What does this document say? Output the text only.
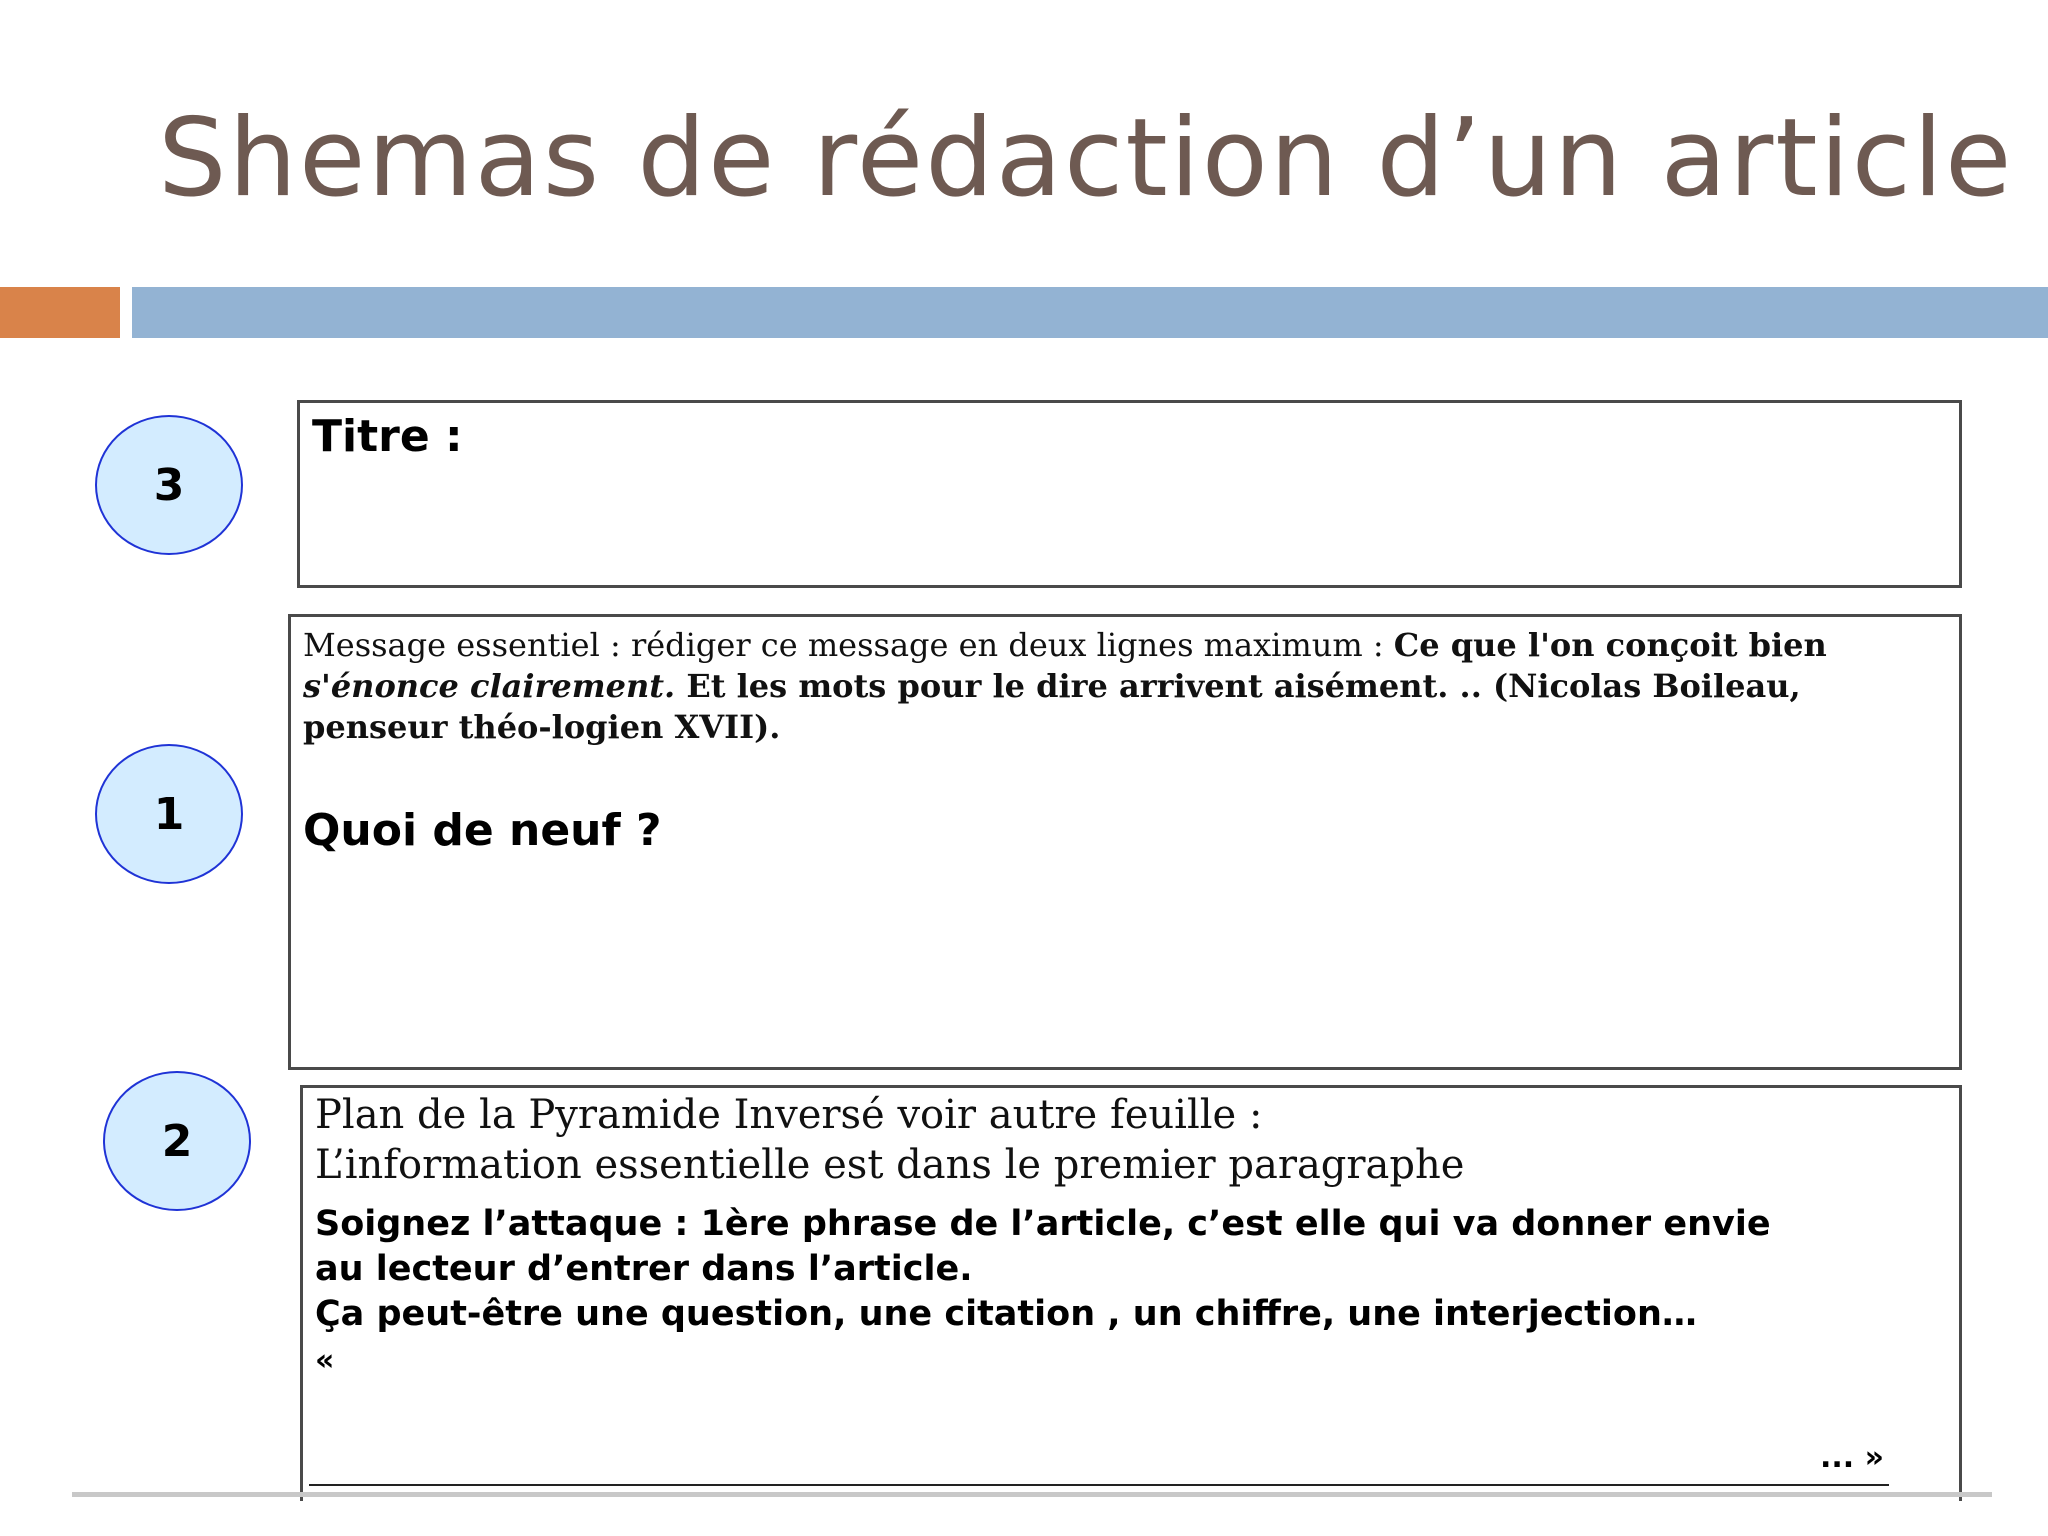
Shemas de rédaction d’un article
3
Titre :
1

Message essentiel : rédiger ce message en deux lignes maximum : Ce que l'on conçoit bien s'énonce clairement. Et les mots pour le dire arrivent aisément. .. (Nicolas Boileau, penseur théo-logien XVII).

Quoi de neuf ?
2
Plan de la Pyramide Inversé voir autre feuille :
L’information essentielle est dans le premier paragraphe
Soignez l’attaque : 1ère phrase de l’article, c’est elle qui va donner envie
au lecteur d’entrer dans l’article.
Ça peut-être une question, une citation , un chiffre, une interjection…
«
... »
